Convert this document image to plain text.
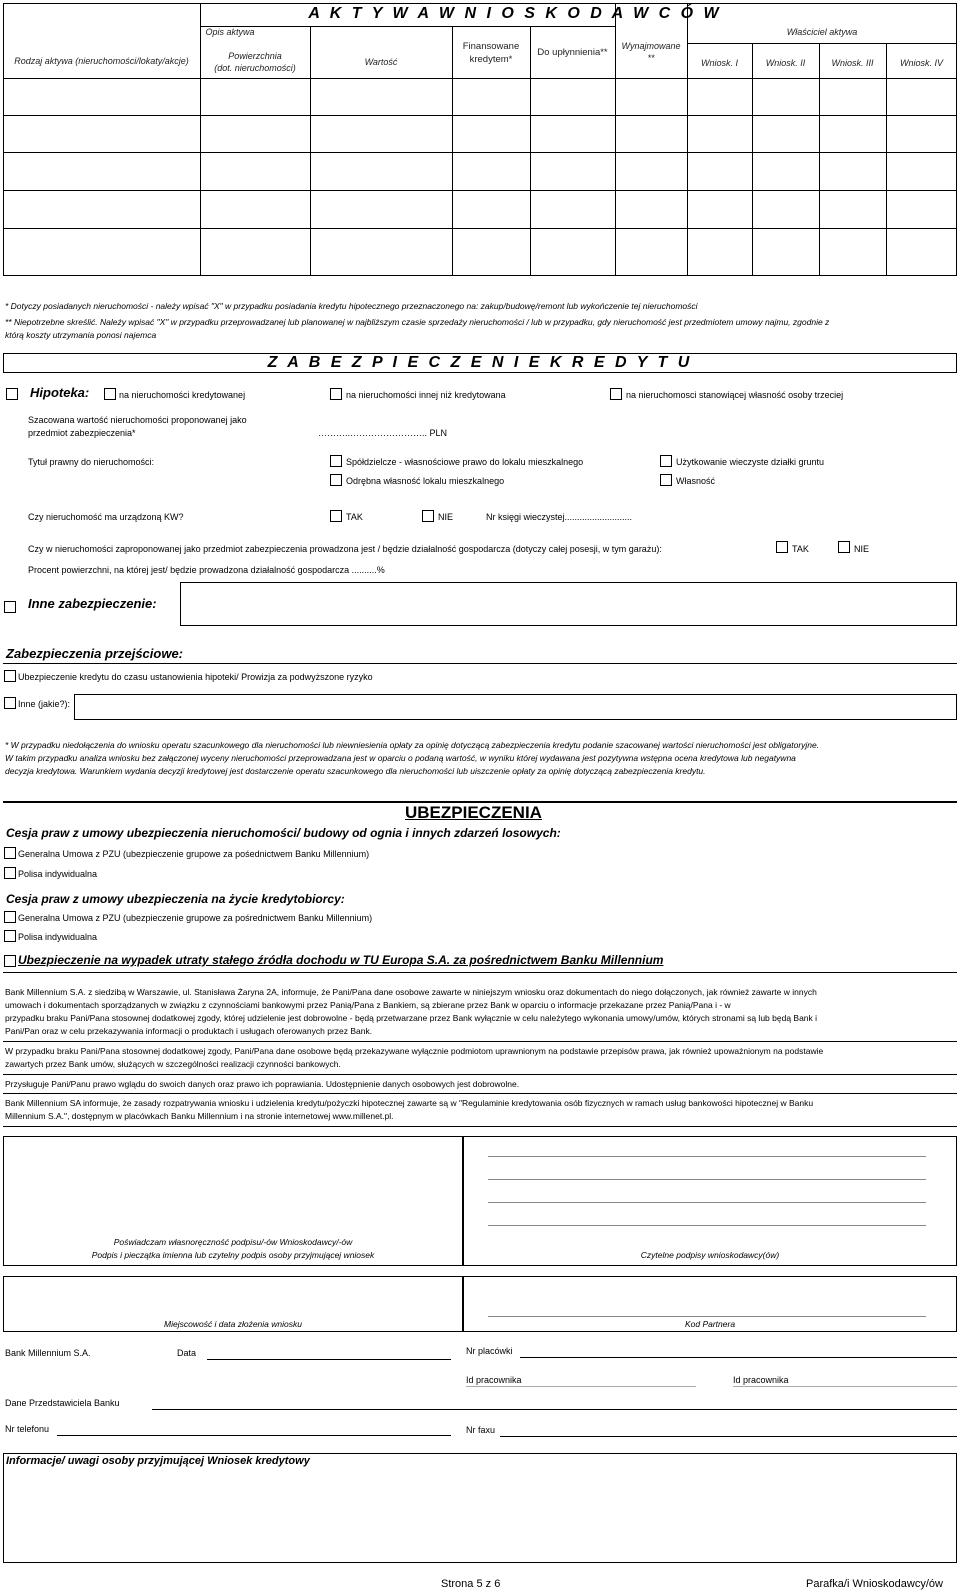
A K T Y W A W N I O S K O D A W C Ó W
Rodzaj aktywa (nieruchomości/lokaty/akcje)
Opis aktywa
Powierzchnia
(dot. nieruchomości)
Wartość
Finansowane
kredytem*
Do upłynnienia**
Wynajmowane
**
Właściciel aktywa
Wniosk. I	Wniosk. II	Wniosk. III	Wniosk. IV
* Dotyczy posiadanych nieruchomości - należy wpisać "X" w przypadku posiadania kredytu hipotecznego przeznaczonego na: zakup/budowę/remont lub wykończenie tej nieruchomości
** Niepotrzebne skreślić. Należy wpisać "X" w przypadku przeprowadzanej lub planowanej w najbliższym czasie sprzedaży nieruchomości / lub w przypadku, gdy nieruchomość jest przedmiotem umowy najmu, zgodnie z
którą koszty utrzymania ponosi najemca
Z A B E Z P I E C Z E N I E K R E D Y T U
Hipoteka:	na nieruchomości kredytowanej	na nieruchomości innej niż kredytowana	na nieruchomosci stanowiącej własność osoby trzeciej
Szacowana wartość nieruchomości proponowanej jako
przedmiot zabezpieczenia*	………..…………………….. PLN
Tytuł prawny do nieruchomości:	Spółdzielcze - własnościowe prawo do lokalu mieszkalnego	Użytkowanie wieczyste działki gruntu
Odrębna własność lokalu mieszkalnego	Własność
Czy nieruchomość ma urządzoną KW?	TAK	NIE	Nr księgi wieczystej...........................
Czy w nieruchomości zaproponowanej jako przedmiot zabezpieczenia prowadzona jest / będzie działalność gospodarcza (dotyczy całej posesji, w tym garażu):	TAK	NIE
Procent powierzchni, na której jest/ będzie prowadzona działalność gospodarcza ..........%
Inne zabezpieczenie:
Zabezpieczenia przejściowe:
Ubezpieczenie kredytu do czasu ustanowienia hipoteki/ Prowizja za podwyższone ryzyko
Inne (jakie?):
* W przypadku niedołączenia do wniosku operatu szacunkowego dla nieruchomości lub niewniesienia opłaty za opinię dotyczącą zabezpieczenia kredytu podanie szacowanej wartości nieruchomości jest obligatoryjne.
W takim przypadku analiza wniosku bez załączonej wyceny nieruchomości przeprowadzana jest w oparciu o podaną wartość, w wyniku której wydawana jest pozytywna wstępna ocena kredytowa lub negatywna
decyzja kredytowa. Warunkiem wydania decyzji kredytowej jest dostarczenie operatu szacunkowego dla nieruchomości lub uiszczenie opłaty za opinię dotyczącą zabezpieczenia kredytu.
UBEZPIECZENIA
Cesja praw z umowy ubezpieczenia nieruchomości/ budowy od ognia i innych zdarzeń losowych:
Generalna Umowa z PZU (ubezpieczenie grupowe za pośednictwem Banku Millennium)
Polisa indywidualna
Cesja praw z umowy ubezpieczenia na życie kredytobiorcy:
Generalna Umowa z PZU (ubezpieczenie grupowe za pośrednictwem Banku Millennium)
Polisa indywidualna
Ubezpieczenie na wypadek utraty stałego źródła dochodu w TU Europa S.A. za pośrednictwem Banku Millennium
Bank Millennium S.A. z siedzibą w Warszawie, ul. Stanisława Żaryna 2A, informuje, że Pani/Pana dane osobowe zawarte w niniejszym wniosku oraz dokumentach do niego dołączonych, jak również zawarte w innych
umowach i dokumentach sporządzanych w związku z czynnościami bankowymi przez Panią/Pana z Bankiem, są zbierane przez Bank w oparciu o informacje przekazane przez Panią/Pana i - w
przypadku braku Pani/Pana stosownej dodatkowej zgody, której udzielenie jest dobrowolne - będą przetwarzane przez Bank wyłącznie w celu należytego wykonania umowy/umów, których stronami są lub będą Bank i
Pani/Pan oraz w celu przekazywania informacji o produktach i usługach oferowanych przez Bank.
W przypadku braku Pani/Pana stosownej dodatkowej zgody, Pani/Pana dane osobowe będą przekazywane wyłącznie podmiotom uprawnionym na podstawie przepisów prawa, jak również upoważnionym na podstawie
zawartych przez Bank umów, służących w szczególności realizacji czynności bankowych.
Przysługuje Pani/Panu prawo wglądu do swoich danych oraz prawo ich poprawiania. Udostępnienie danych osobowych jest dobrowolne.
Bank Millennium SA informuje, że zasady rozpatrywania wniosku i udzielenia kredytu/pożyczki hipotecznej zawarte są w "Regulaminie kredytowania osób fizycznych w ramach usług bankowości hipotecznej w Banku
Millennium S.A.", dostępnym w placówkach Banku Millennium i na stronie internetowej www.millenet.pl.
Poświadczam własnoręczność podpisu/-ów Wnioskodawcy/-ów
Podpis i pieczątka imienna lub czytelny podpis osoby przyjmującej wniosek	Czytelne podpisy wnioskodawcy(ów)
Miejscowość i data złożenia wniosku	Kod Partnera
Bank Millennium S.A.	Data	Nr placówki
Id pracownika	Id pracownika
Dane Przedstawiciela Banku
Nr telefonu	Nr faxu
Informacje/ uwagi osoby przyjmującej Wniosek kredytowy
Strona 5 z 6	Parafka/i Wnioskodawcy/ów
